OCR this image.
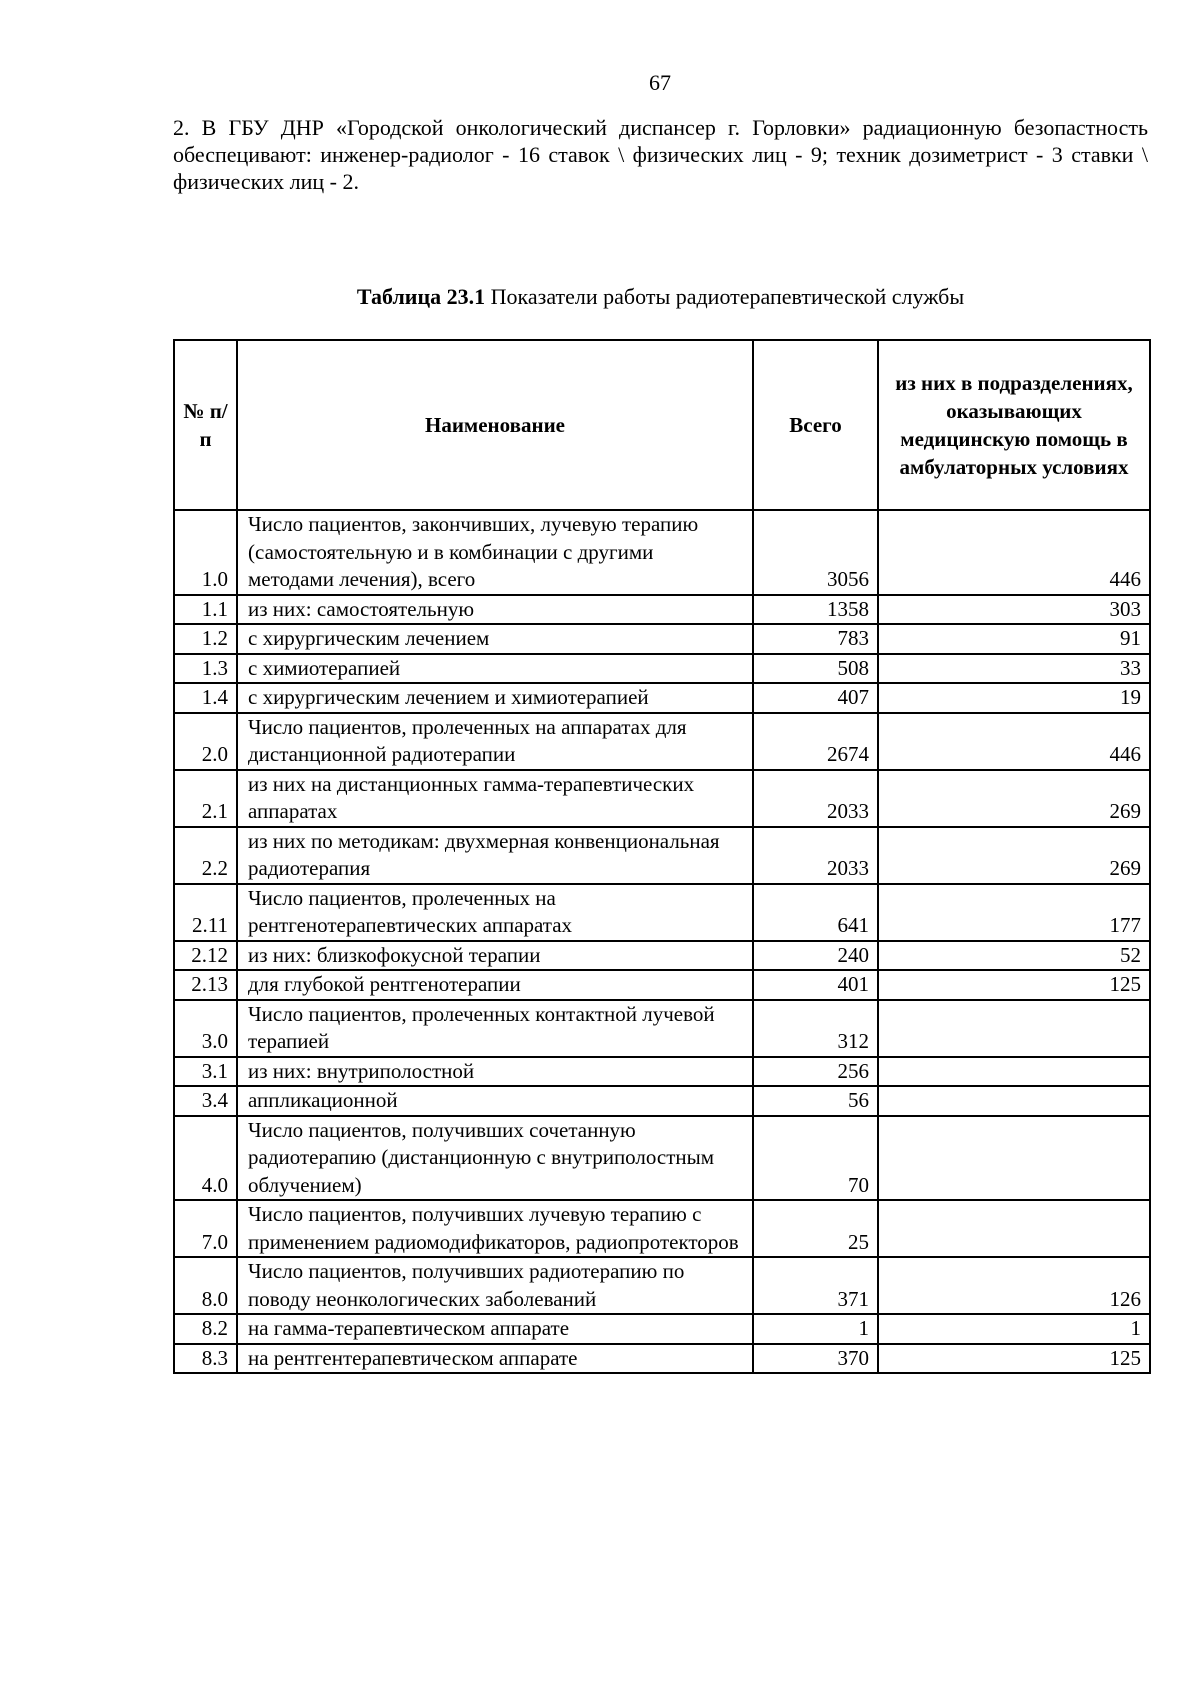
67

2. В ГБУ ДНР «Городской онкологический диспансер г. Горловки» радиационную безопастность обеспецивают: инженер-радиолог - 16 ставок \ физических лиц - 9; техник дозиметрист - 3 ставки \ физических лиц - 2.

Таблица 23.1 Показатели работы радиотерапевтической службы
№ п/п	Наименование	Всего	из них в подразделениях, оказывающих медицинскую помощь в амбулаторных условиях
1.0	Число пациентов, закончивших, лучевую терапию (самостоятельную и в комбинации с другими методами лечения), всего	3056	446
1.1	из них: самостоятельную	1358	303
1.2	с хирургическим лечением	783	91
1.3	с химиотерапией	508	33
1.4	с хирургическим лечением и химиотерапией	407	19
2.0	Число пациентов, пролеченных на аппаратах для дистанционной радиотерапии	2674	446
2.1	из них на дистанционных гамма-терапевтических аппаратах	2033	269
2.2	из них по методикам: двухмерная конвенциональная радиотерапия	2033	269
2.11	Число пациентов, пролеченных на рентгенотерапевтических аппаратах	641	177
2.12	из них: близкофокусной терапии	240	52
2.13	для глубокой рентгенотерапии	401	125
3.0	Число пациентов, пролеченных контактной лучевой терапией	312	
3.1	из них: внутриполостной	256	
3.4	аппликационной	56	
4.0	Число пациентов, получивших сочетанную радиотерапию (дистанционную с внутриполостным облучением)	70	
7.0	Число пациентов, получивших лучевую терапию с применением радиомодификаторов, радиопротекторов	25	
8.0	Число пациентов, получивших радиотерапию по поводу неонкологических заболеваний	371	126
8.2	на гамма-терапевтическом аппарате	1	1
8.3	на рентгентерапевтическом аппарате	370	125
